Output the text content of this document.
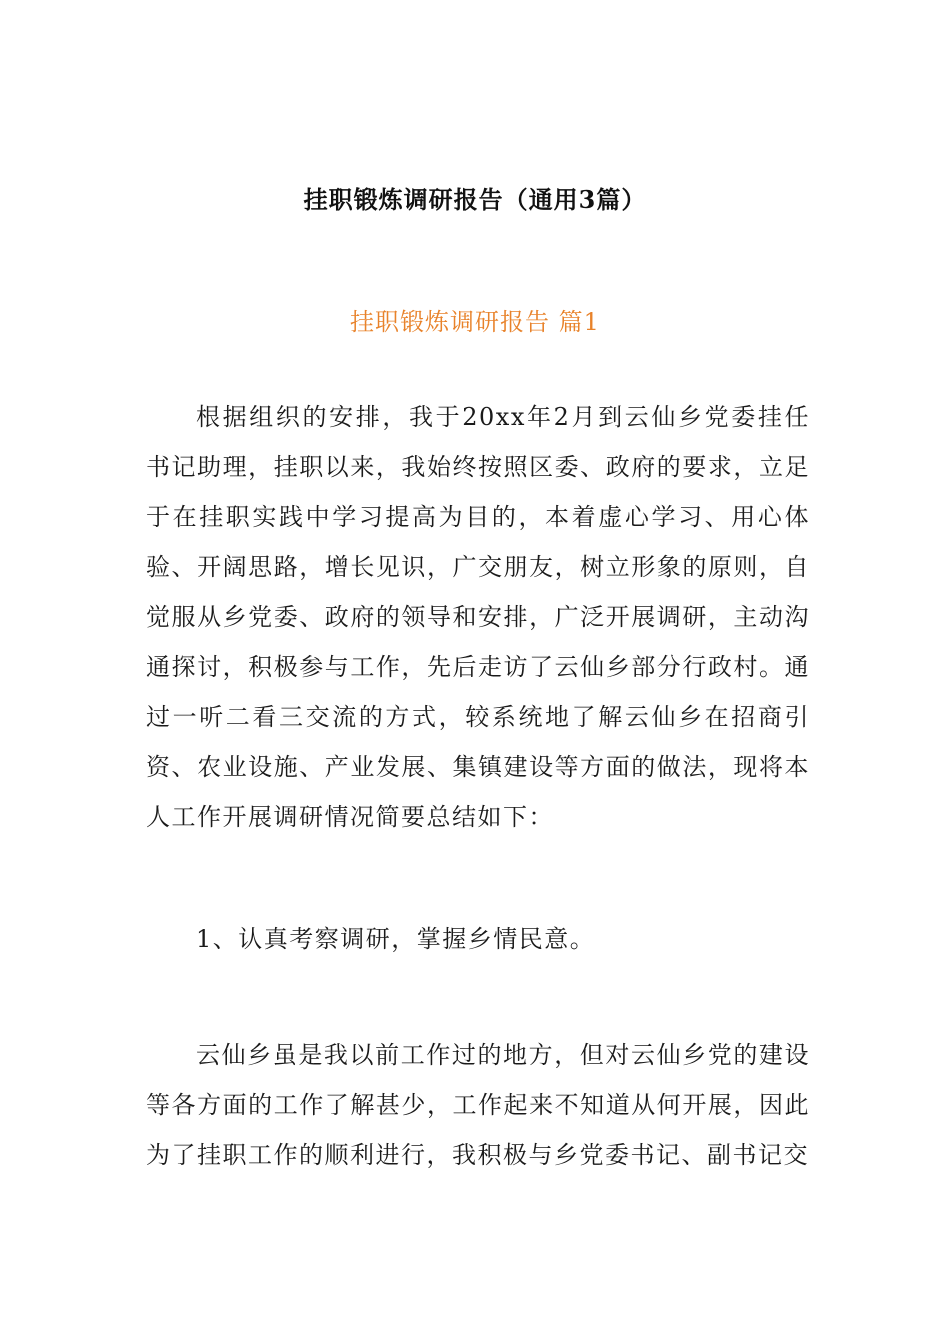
挂职锻炼调研报告（通用3篇）
挂职锻炼调研报告 篇1

根据组织的安排，我于20xx年2月到云仙乡党委挂任书记助理，挂职以来，我始终按照区委、政府的要求，立足于在挂职实践中学习提高为目的，本着虚心学习、用心体验、开阔思路，增长见识，广交朋友，树立形象的原则，自觉服从乡党委、政府的领导和安排，广泛开展调研，主动沟通探讨，积极参与工作，先后走访了云仙乡部分行政村。通过一听二看三交流的方式，较系统地了解云仙乡在招商引资、农业设施、产业发展、集镇建设等方面的做法，现将本人工作开展调研情况简要总结如下：

1、认真考察调研，掌握乡情民意。

云仙乡虽是我以前工作过的地方，但对云仙乡党的建设等各方面的工作了解甚少，工作起来不知道从何开展，因此为了挂职工作的顺利进行，我积极与乡党委书记、副书记交
